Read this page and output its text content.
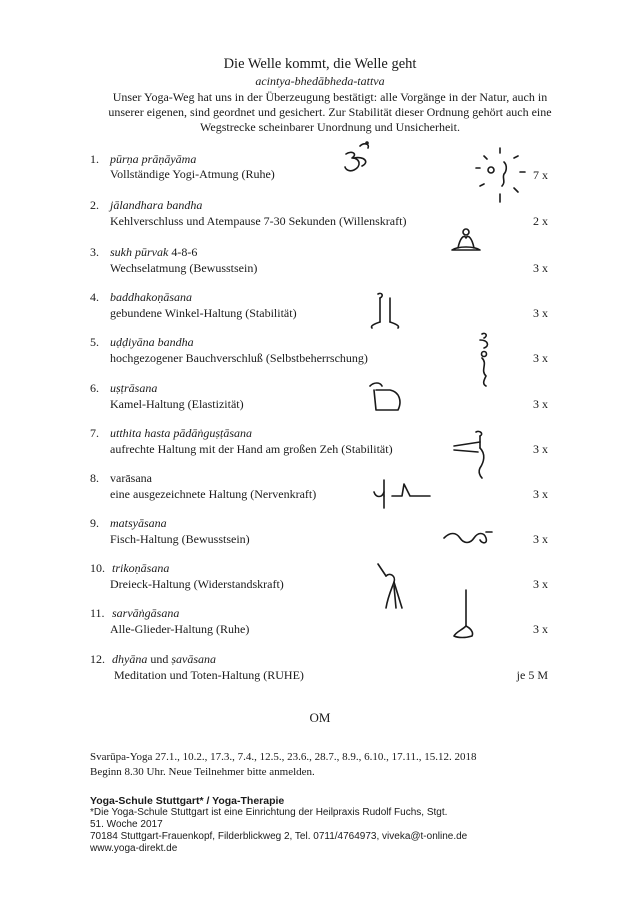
Die Welle kommt, die Welle geht
acintya-bhedābheda-tattva
Unser Yoga-Weg hat uns in der Überzeugung bestätigt: alle Vorgänge in der Natur, auch in unserer eigenen, sind geordnet und gesichert. Zur Stabilität dieser Ordnung gehört auch eine Wegstrecke scheinbarer Unordnung und Unsicherheit.
1. pūrṇa prāṇāyāma
Vollständige Yogi-Atmung (Ruhe)	7 x
2. jālandhara bandha
Kehlverschluss und Atempause 7-30 Sekunden (Willenskraft)	2 x
3. sukh pūrvak 4-8-6
Wechselatmung (Bewusstsein)	3 x
4. baddhakoṇāsana
gebundene Winkel-Haltung (Stabilität)	3 x
5. uḍḍiyāna bandha
hochgezogener Bauchverschluß (Selbstbeherrschung)	3 x
6. uṣṭrāsana
Kamel-Haltung (Elastizität)	3 x
7. utthita hasta pādāṅguṣṭāsana
aufrechte Haltung mit der Hand am großen Zeh (Stabilität)	3 x
8. varāsana
eine ausgezeichnete Haltung (Nervenkraft)	3 x
9. matsyāsana
Fisch-Haltung (Bewusstsein)	3 x
10. trikoṇāsana
Dreieck-Haltung (Widerstandskraft)	3 x
11. sarvāṅgāsana
Alle-Glieder-Haltung (Ruhe)	3 x
12. dhyāna und ṣavāsana
Meditation und Toten-Haltung (RUHE)	je 5 M
OM
Svarūpa-Yoga 27.1., 10.2., 17.3., 7.4., 12.5., 23.6., 28.7., 8.9., 6.10., 17.11., 15.12. 2018
Beginn 8.30 Uhr. Neue Teilnehmer bitte anmelden.
Yoga-Schule Stuttgart* / Yoga-Therapie
*Die Yoga-Schule Stuttgart ist eine Einrichtung der Heilpraxis Rudolf Fuchs, Stgt.
51. Woche 2017
70184 Stuttgart-Frauenkopf, Filderblickweg 2, Tel. 0711/4764973, viveka@t-online.de
www.yoga-direkt.de
